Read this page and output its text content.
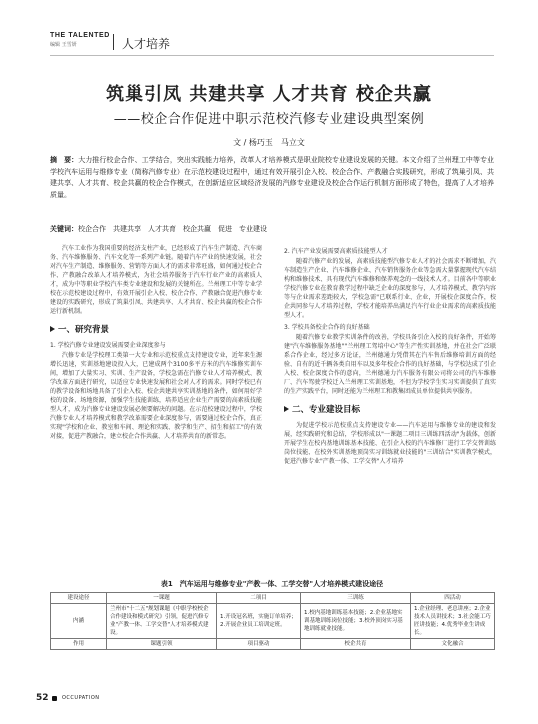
THE TALENTED
编辑 王雪妍	人才培养
筑巢引凤 共建共享 人才共育 校企共赢
——校企合作促进中职示范校汽修专业建设典型案例
文 / 杨巧玉　马立文
摘　要：大力推行校企合作、工学结合，突出实践能力培养，改革人才培养模式是职业院校专业建设发展的关键。本文介绍了兰州理工中等专业学校汽车运用与维修专业（简称汽修专业）在示范校建设过程中，通过有效开展引企入校、校企合作、产教融合实践研究，形成了筑巢引凤、共建共享、人才共育、校企共赢的校企合作模式，在创新适应区域经济发展的汽修专业建设及校企合作运行机制方面形成了特色，提高了人才培养质量。
关键词：校企合作　共建共享　人才共育　校企共赢　促进　专业建设

汽车工业作为我国重要的经济支柱产业，已经形成了汽车生产制造、汽车商务、汽车维修服务、汽车文化等一系列产业链。随着汽车产业的快速发展，社会对汽车生产制造、维修服务、营销等方面人才的需求非常旺盛，如何通过校企合作、产教融合改革人才培养模式，为社会培养服务于汽车行业产业的高素质人才，成为中等职业学校汽车类专业建设和发展的关键所在。兰州理工中等专业学校在示范校建设过程中，有效开展引企入校、校企合作、产教融合促进汽修专业建设的实践研究，形成了筑巢引凤、共建共享、人才共育、校企共赢的校企合作运行新机制。

一、研究背景
1. 学校汽修专业建设发展需要企业深度参与

汽修专业是学校理工类第一大专业和示范校重点支持建设专业，近年来生源增长迅速，实训基地建设投入大，已建成两个3100多平方米的汽车维修实训车间，增加了大量实习、实训、生产设备，学校急需在汽修专业人才培养模式、教学改革方面进行研究，以适应专业快速发展和社会对人才的需求。同时学校已有的教学设备和场地具备了引企入校、校企共建共享实训基地的条件，如何用好学校的设备、场地资源，加强学生技能训练，培养适应企业生产需要的高素质技能型人才，成为汽修专业建设发展必须要解决的问题。在示范校建设过程中，学校汽修专业人才培养模式和教学改革需要企业深度参与，需要通过校企合作，真正实现"学校和企业、教室和车间、理论和实践、教学和生产、招生和招工"的有效对接，促进产教融合，建立校企合作共赢、人才培养共育的新常态。

2. 汽车产业发展需要高素质技能型人才

随着汽修产业的发展，高素质技能型汽修专业人才的社会需求不断增加，汽车制造生产企业、汽车维修企业、汽车销售服务企业等急需大量掌握现代汽车结构和维修技术、具有现代汽车维修和保养观念的一线技术人才。目前各中等职业学校汽修专业在教育教学过程中缺乏企业的深度参与，人才培养模式、教学内容等与企业需求差距较大，学校急需"已联系行业、企业，开展校企深度合作，校企共同参与人才培养过程，学校才能培养出满足汽车行业企业需求的高素质技能型人才。

3. 学校具备校企合作的良好基础

随着汽修专业教学实训条件的改善，学校具备引企入校的良好条件，开始筹建"汽车维修服务基地""兰州理工驾培中心"等生产性实训基地，并在社会广泛联系合作企业，经过多方论证，兰州德通力凭借其在汽车售后维修培训方面的经验、自有的近千辆各类自用车以及多年校企合作的良好基础，与学校达成了引企入校、校企深度合作的意向，兰州德通力汽车服务有限公司将公司的汽车维修厂、汽车驾驶学校迁入兰州理工实训基地，不但为学校学生实习实训提供了真实的生产实践平台，同时还能为兰州理工和教集团成员单位提供共享服务。

二、专业建设目标

为促进学校示范校重点支持建设专业——汽车运用与维修专业的建设和发展，经实践研究和总结，学校形成以"一课题二项目三训练四活动"为载体，创新开展学生在校内基地训练基本技能、在引企入校的汽车维修厂进行工学交替训练岗位技能、在校外实训基地顶岗实习训练就业技能的"三训结合"实训教学模式，促进汽修专业"产教一体、工学交替"人才培养

表1　汽车运用与维修专业"产教一体、工学交替"人才培养模式建设途径
建设途径	一课题	二项目	三训练	四活动
内涵	兰州市"十二五"规划课题《中职学校校企合作建设和模式研究》引领，促进汽修专业"产教一体、工学交替"人才培养模式建设。	1.开设冠名班，实施订单培养；2.开展企业员工培训定班。	1.校内基地训练基本技能；2.企业基地实训基地训练岗位技能；3.校外顶岗实习基地训练就业技能。	1.企业经理、老总讲座；2.企业技术人员讲技术；3.社会能工巧匠讲技能；4.优秀毕业生讲成长。
作用	课题引领	项目驱动	校企共育	文化融合
52	OCCUPATION
